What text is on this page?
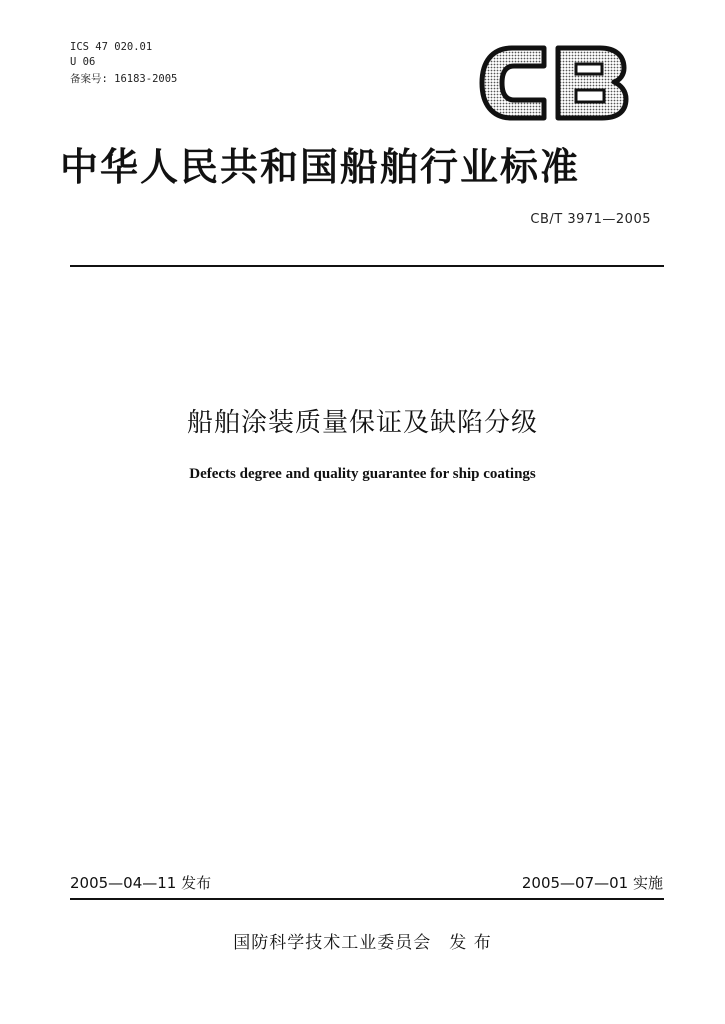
ICS 47 020.01
U 06
备案号: 16183-2005
中华人民共和国船舶行业标准
CB/T 3971—2005
船舶涂装质量保证及缺陷分级
Defects degree and quality guarantee for ship coatings
2005—04—11 发布	2005—07—01 实施
国防科学技术工业委员会 发 布
